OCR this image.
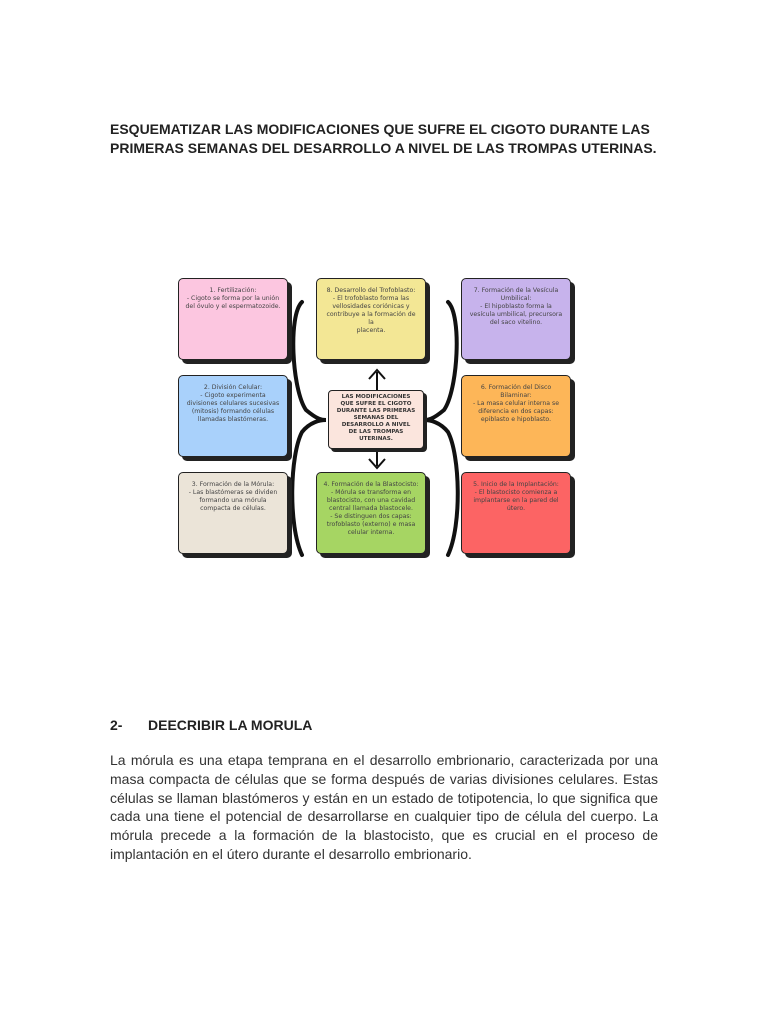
ESQUEMATIZAR LAS MODIFICACIONES QUE SUFRE EL CIGOTO DURANTE LAS

PRIMERAS SEMANAS DEL DESARROLLO A NIVEL DE LAS TROMPAS UTERINAS.

1. Fertilización:
- Cigoto se forma por la unión
del óvulo y el espermatozoide.
8. Desarrollo del Trofoblasto:
- El trofoblasto forma las
vellosidades coriónicas y
contribuye a la formación de la
placenta.
7. Formación de la Vesícula
Umbilical:
- El hipoblasto forma la
vesícula umbilical, precursora
del saco vitelino.
2. División Celular:
- Cigoto experimenta
divisiones celulares sucesivas
(mitosis) formando células
llamadas blastómeras.
LAS MODIFICACIONES
QUE SUFRE EL CIGOTO
DURANTE LAS PRIMERAS
SEMANAS DEL
DESARROLLO A NIVEL
DE LAS TROMPAS
UTERINAS.
6. Formación del Disco
Bilaminar:
- La masa celular interna se
diferencia en dos capas:
epiblasto e hipoblasto.
3. Formación de la Mórula:
- Las blastómeras se dividen
formando una mórula
compacta de células.
4. Formación de la Blastocisto:
- Mórula se transforma en
blastocisto, con una cavidad
central llamada blastocele.
- Se distinguen dos capas:
trofoblasto (externo) e masa
celular interna.
5. Inicio de la Implantación:
- El blastocisto comienza a
implantarse en la pared del
útero.
2- DEECRIBIR LA MORULA

La mórula es una etapa temprana en el desarrollo embrionario, caracterizada por una masa compacta de células que se forma después de varias divisiones celulares. Estas células se llaman blastómeros y están en un estado de totipotencia, lo que significa que cada una tiene el potencial de desarrollarse en cualquier tipo de célula del cuerpo. La mórula precede a la formación de la blastocisto, que es crucial en el proceso de implantación en el útero durante el desarrollo embrionario.
